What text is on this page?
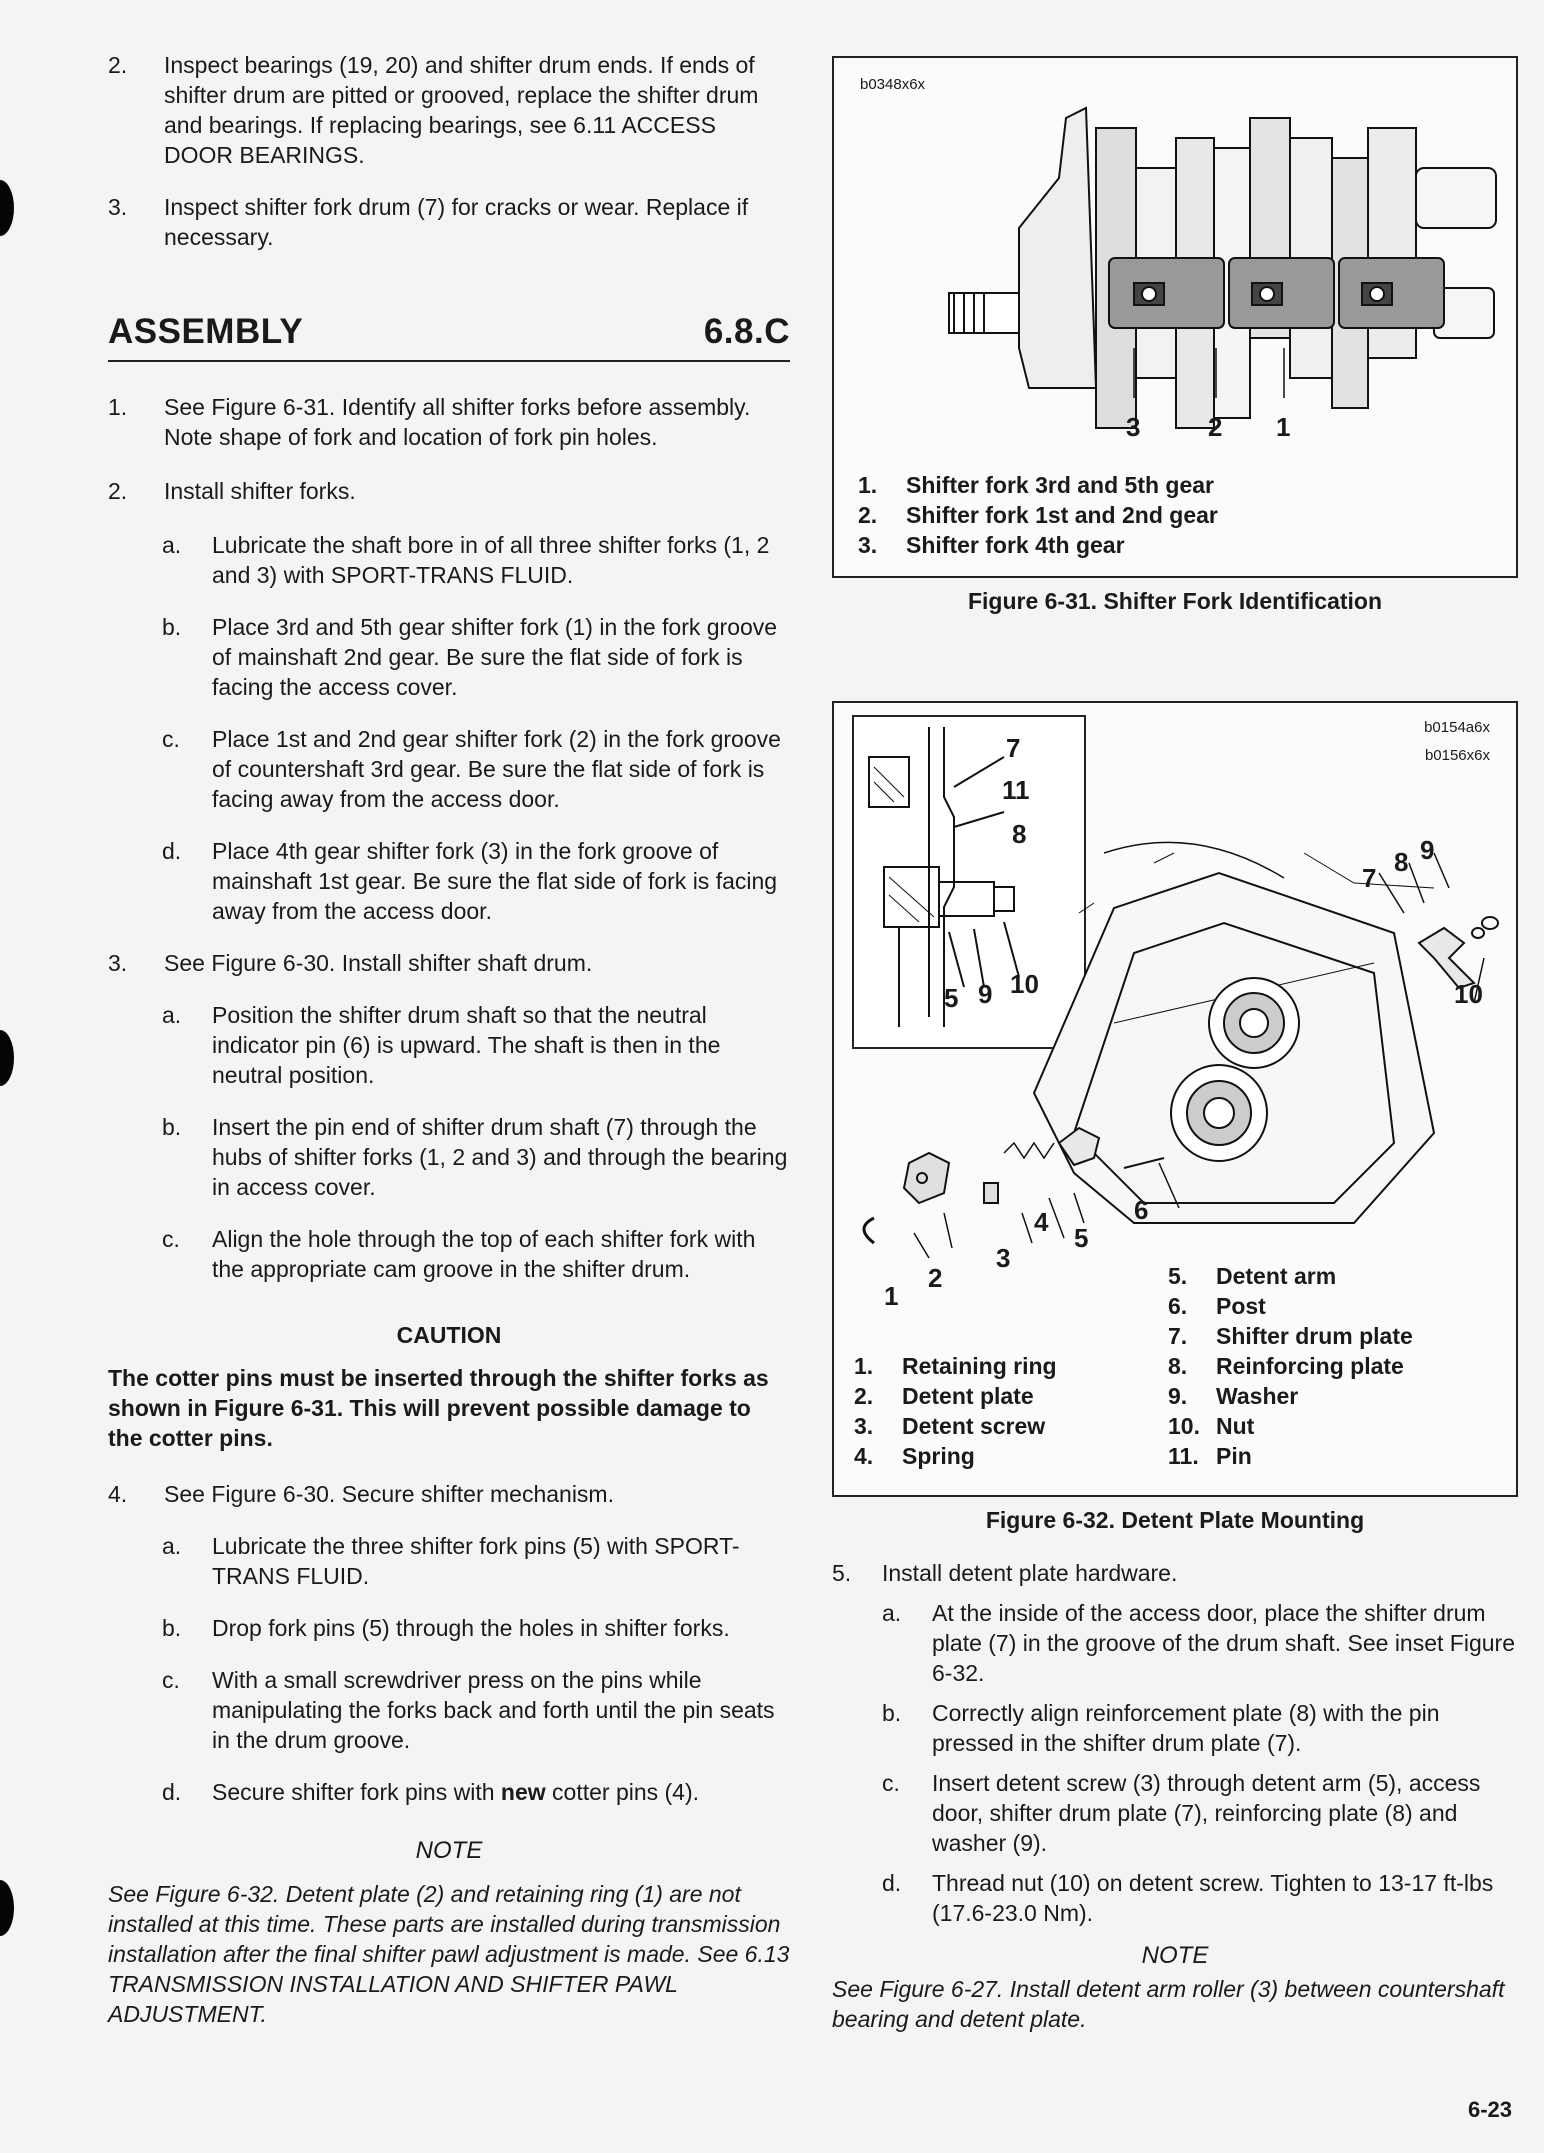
2. Inspect bearings (19, 20) and shifter drum ends. If ends of shifter drum are pitted or grooved, replace the shifter drum and bearings. If replacing bearings, see 6.11 ACCESS DOOR BEARINGS.
3. Inspect shifter fork drum (7) for cracks or wear. Replace if necessary.
ASSEMBLY	6.8.C
1. See Figure 6-31. Identify all shifter forks before assembly. Note shape of fork and location of fork pin holes.
2. Install shifter forks.
a. Lubricate the shaft bore in of all three shifter forks (1, 2 and 3) with SPORT-TRANS FLUID.
b. Place 3rd and 5th gear shifter fork (1) in the fork groove of mainshaft 2nd gear. Be sure the flat side of fork is facing the access cover.
c. Place 1st and 2nd gear shifter fork (2) in the fork groove of countershaft 3rd gear. Be sure the flat side of fork is facing away from the access door.
d. Place 4th gear shifter fork (3) in the fork groove of mainshaft 1st gear. Be sure the flat side of fork is facing away from the access door.
3. See Figure 6-30. Install shifter shaft drum.
a. Position the shifter drum shaft so that the neutral indicator pin (6) is upward. The shaft is then in the neutral position.
b. Insert the pin end of shifter drum shaft (7) through the hubs of shifter forks (1, 2 and 3) and through the bearing in access cover.
c. Align the hole through the top of each shifter fork with the appropriate cam groove in the shifter drum.
CAUTION
The cotter pins must be inserted through the shifter forks as shown in Figure 6-31. This will prevent possible damage to the cotter pins.
4. See Figure 6-30. Secure shifter mechanism.
a. Lubricate the three shifter fork pins (5) with SPORT-TRANS FLUID.
b. Drop fork pins (5) through the holes in shifter forks.
c. With a small screwdriver press on the pins while manipulating the forks back and forth until the pin seats in the drum groove.
d. Secure shifter fork pins with new cotter pins (4).
NOTE
See Figure 6-32. Detent plate (2) and retaining ring (1) are not installed at this time. These parts are installed during transmission installation after the final shifter pawl adjustment is made. See 6.13 TRANSMISSION INSTALLATION AND SHIFTER PAWL ADJUSTMENT.
b0348x6x
3	2 1
1. Shifter fork 3rd and 5th gear
2. Shifter fork 1st and 2nd gear
3. Shifter fork 4th gear
Figure 6-31. Shifter Fork Identification
b0154a6x
b0156x6x
7
11
8
5 9 10
7
8 9
10
6
4
5
3
2
1
1. Retaining ring
2. Detent plate
3. Detent screw
4. Spring
5. Detent arm
6. Post
7. Shifter drum plate
8. Reinforcing plate
9. Washer
10. Nut
11. Pin
Figure 6-32. Detent Plate Mounting
5. Install detent plate hardware.
a. At the inside of the access door, place the shifter drum plate (7) in the groove of the drum shaft. See inset Figure 6-32.
b. Correctly align reinforcement plate (8) with the pin pressed in the shifter drum plate (7).
c. Insert detent screw (3) through detent arm (5), access door, shifter drum plate (7), reinforcing plate (8) and washer (9).
d. Thread nut (10) on detent screw. Tighten to 13-17 ft-lbs (17.6-23.0 Nm).
NOTE
See Figure 6-27. Install detent arm roller (3) between countershaft bearing and detent plate.
6-23
